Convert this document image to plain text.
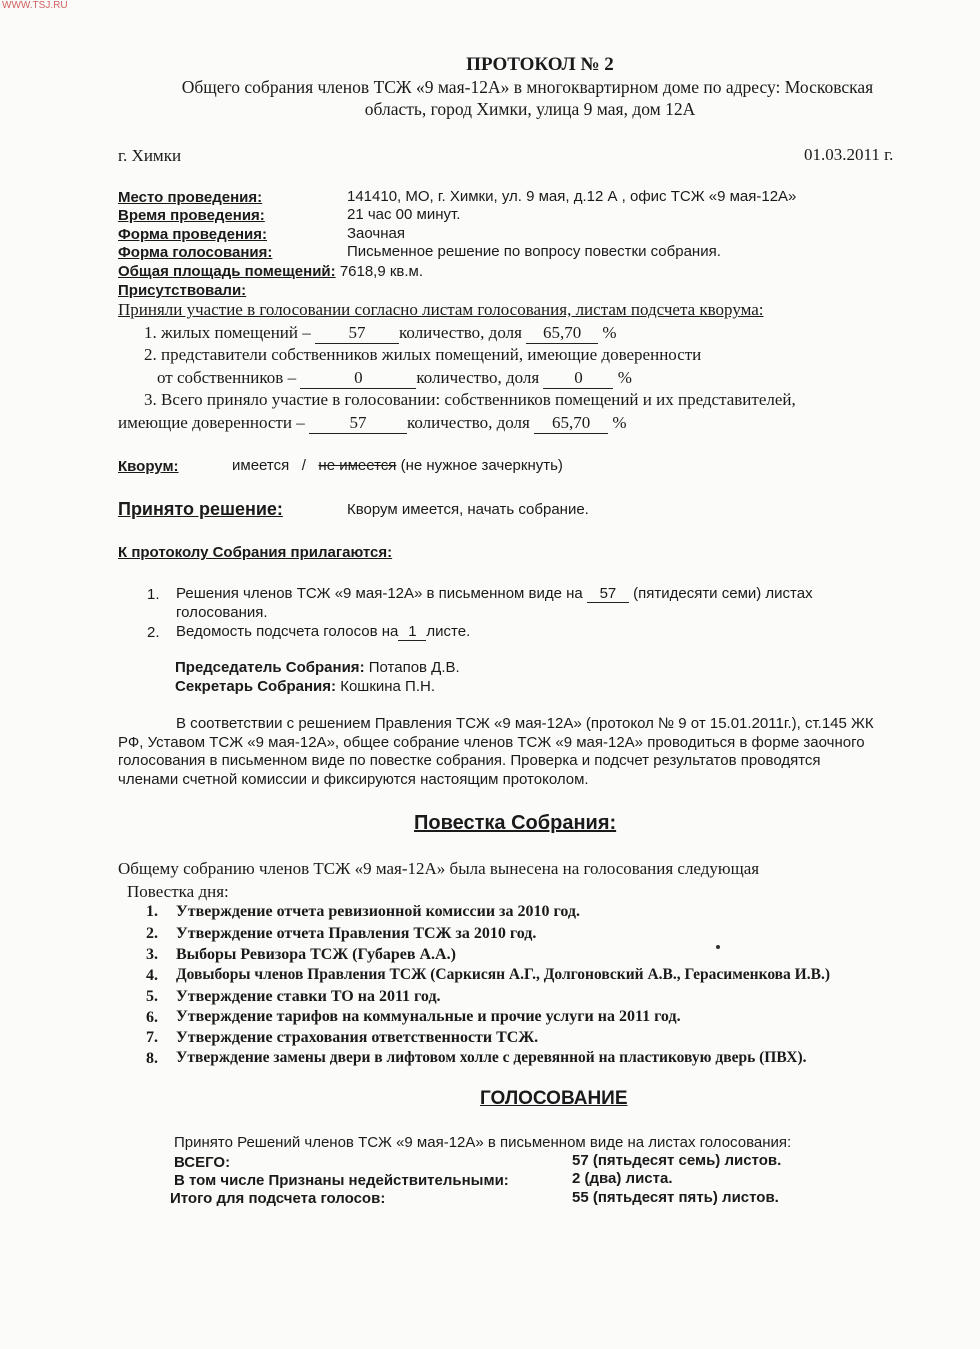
WWW.TSJ.RU
ПРОТОКОЛ № 2
Общего собрания членов ТСЖ «9 мая-12А» в многоквартирном доме по адресу: Московская
область, город Химки, улица 9 мая, дом 12А
г. Химки	01.03.2011 г.
Место проведения:	141410, МО, г. Химки, ул. 9 мая, д.12 А , офис ТСЖ «9 мая-12А»
Время проведения:	21 час 00 минут.
Форма проведения:	Заочная
Форма голосования:	Письменное решение по вопросу повестки собрания.
Общая площадь помещений: 7618,9 кв.м.
Присутствовали:
Приняли участие в голосовании согласно листам голосования, листам подсчета кворума:
1. жилых помещений – 57 количество, доля 65,70 %
2. представители собственников жилых помещений, имеющие доверенности
от собственников –	0	количество, доля 0 %
3. Всего приняло участие в голосовании: собственников помещений и их представителей,
имеющие доверенности –	57 количество, доля 65,70 %
Кворум:	имеется / не имеется (не нужное зачеркнуть)
Принято решение:	Кворум имеется, начать собрание.
К протоколу Собрания прилагаются:
1. Решения членов ТСЖ «9 мая-12А» в письменном виде на 57 (пятидесяти семи) листах
голосования.
2. Ведомость подсчета голосов на 1 листе.
Председатель Собрания: Потапов Д.В.
Секретарь Собрания: Кошкина П.Н.
В соответствии с решением Правления ТСЖ «9 мая-12А» (протокол № 9 от 15.01.2011г.), ст.145 ЖК
РФ, Уставом ТСЖ «9 мая-12А», общее собрание членов ТСЖ «9 мая-12А» проводиться в форме заочного
голосования в письменном виде по повестке собрания. Проверка и подсчет результатов проводятся
членами счетной комиссии и фиксируются настоящим протоколом.
Повестка Собрания:
Общему собранию членов ТСЖ «9 мая-12А» была вынесена на голосования следующая
Повестка дня:
1. Утверждение отчета ревизионной комиссии за 2010 год.
2. Утверждение отчета Правления ТСЖ за 2010 год.
3. Выборы Ревизора ТСЖ (Губарев А.А.)
4. Довыборы членов Правления ТСЖ (Саркисян А.Г., Долгоновский А.В., Герасименкова И.В.)
5. Утверждение ставки ТО на 2011 год.
6. Утверждение тарифов на коммунальные и прочие услуги на 2011 год.
7. Утверждение страхования ответственности ТСЖ.
8. Утверждение замены двери в лифтовом холле с деревянной на пластиковую дверь (ПВХ).
ГОЛОСОВАНИЕ
Принято Решений членов ТСЖ «9 мая-12А» в письменном виде на листах голосования:
ВСЕГО:	57 (пятьдесят семь) листов.
В том числе Признаны недействительными:	2 (два) листа.
Итого для подсчета голосов:	55 (пятьдесят пять) листов.
